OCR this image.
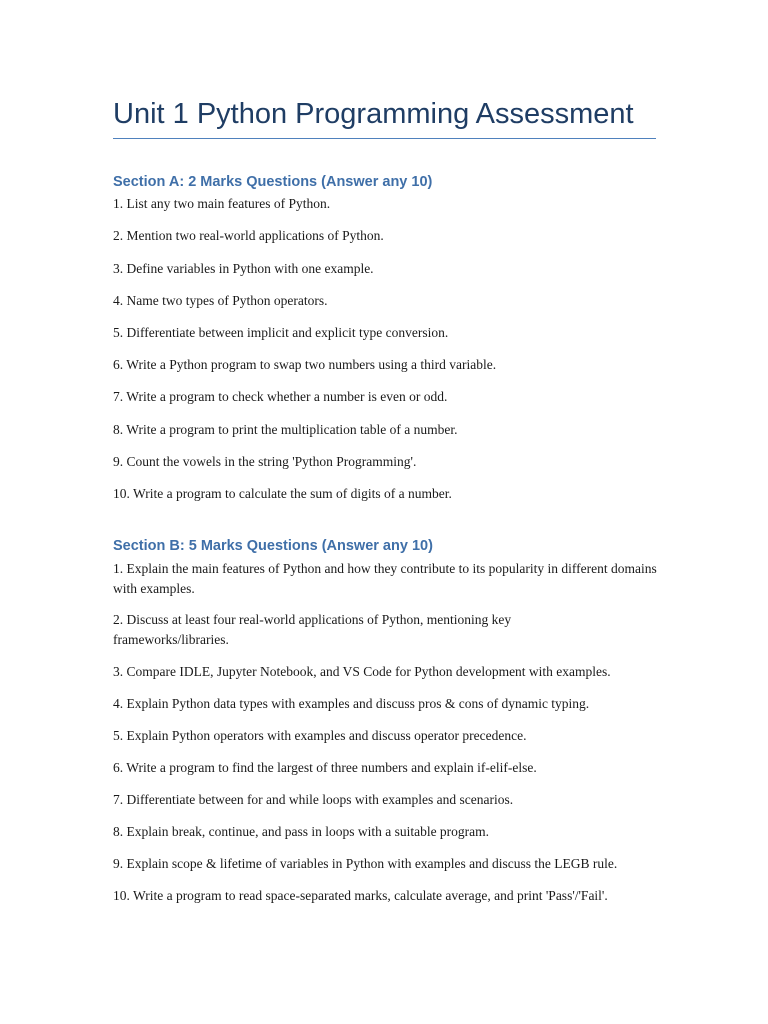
Unit 1 Python Programming Assessment
Section A: 2 Marks Questions (Answer any 10)
1. List any two main features of Python.
2. Mention two real-world applications of Python.
3. Define variables in Python with one example.
4. Name two types of Python operators.
5. Differentiate between implicit and explicit type conversion.
6. Write a Python program to swap two numbers using a third variable.
7. Write a program to check whether a number is even or odd.
8. Write a program to print the multiplication table of a number.
9. Count the vowels in the string 'Python Programming'.
10. Write a program to calculate the sum of digits of a number.
Section B: 5 Marks Questions (Answer any 10)
1. Explain the main features of Python and how they contribute to its popularity in different domains with examples.
2. Discuss at least four real-world applications of Python, mentioning key frameworks/libraries.
3. Compare IDLE, Jupyter Notebook, and VS Code for Python development with examples.
4. Explain Python data types with examples and discuss pros & cons of dynamic typing.
5. Explain Python operators with examples and discuss operator precedence.
6. Write a program to find the largest of three numbers and explain if-elif-else.
7. Differentiate between for and while loops with examples and scenarios.
8. Explain break, continue, and pass in loops with a suitable program.
9. Explain scope & lifetime of variables in Python with examples and discuss the LEGB rule.
10. Write a program to read space-separated marks, calculate average, and print 'Pass'/'Fail'.
